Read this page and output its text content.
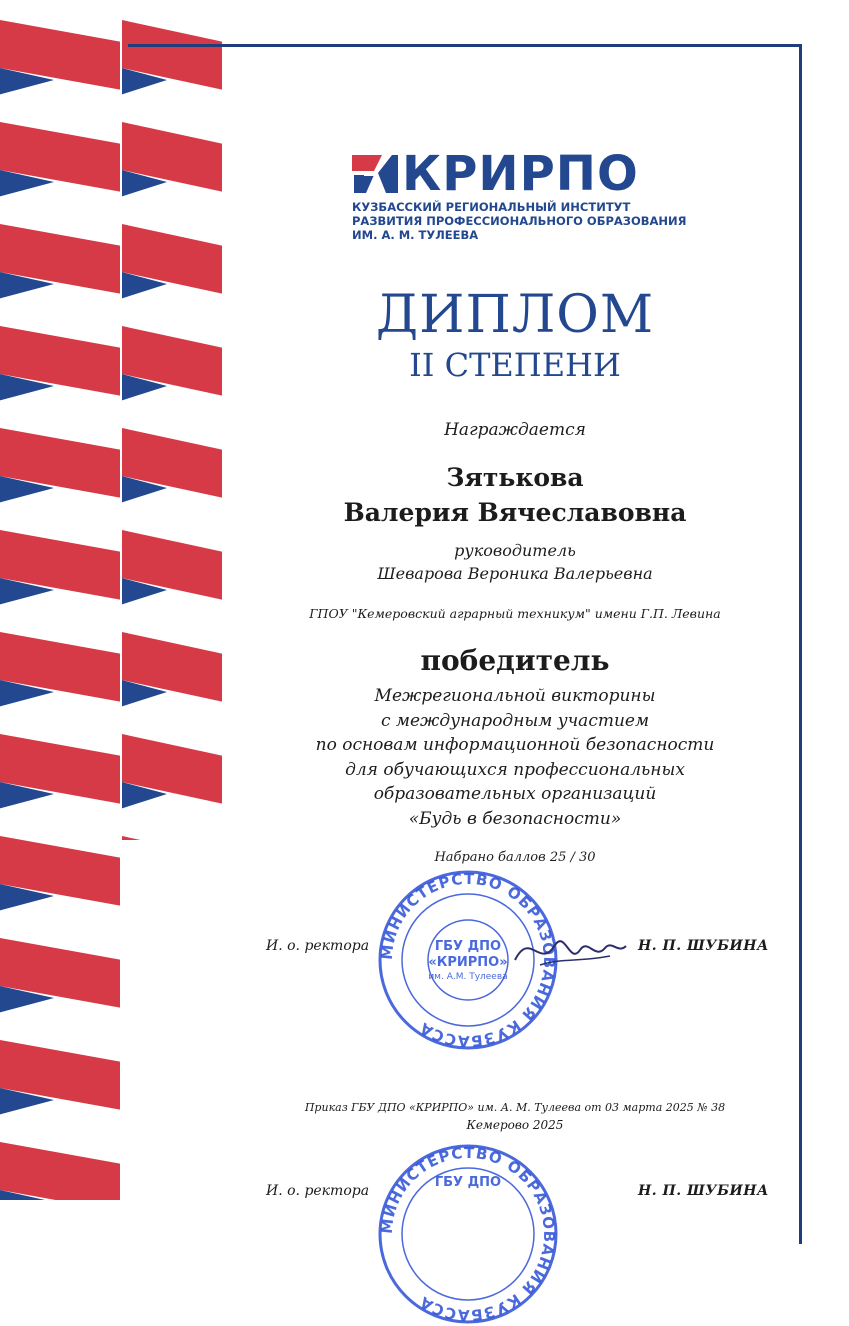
КРИРПО
КУЗБАССКИЙ РЕГИОНАЛЬНЫЙ ИНСТИТУТ
РАЗВИТИЯ ПРОФЕССИОНАЛЬНОГО ОБРАЗОВАНИЯ
ИМ. А. М. ТУЛЕЕВА
ДИПЛОМ
II СТЕПЕНИ
Награждается
Зятькова
Валерия Вячеславовна
руководитель
Шеварова Вероника Валерьевна
ГПОУ "Кемеровский аграрный техникум" имени Г.П. Левина
победитель
Межрегиональной викторины
с международным участием
по основам информационной безопасности
для обучающихся профессиональных
образовательных организаций
«Будь в безопасности»
Набрано баллов 25 / 30
МИНИСТЕРСТВО ОБРАЗОВАНИЯ КУЗБАССА
ГБУ ДПО
«КРИРПО»
им. А.М. Тулеева
И. о. ректора	Н. П. ШУБИНА
Приказ ГБУ ДПО «КРИРПО» им. А. М. Тулеева от 03 марта 2025 № 38
Кемерово 2025
МИНИСТЕРСТВО ОБРАЗОВАНИЯ КУЗБАССА
ГБУ ДПО
И. о. ректора	Н. П. ШУБИНА
